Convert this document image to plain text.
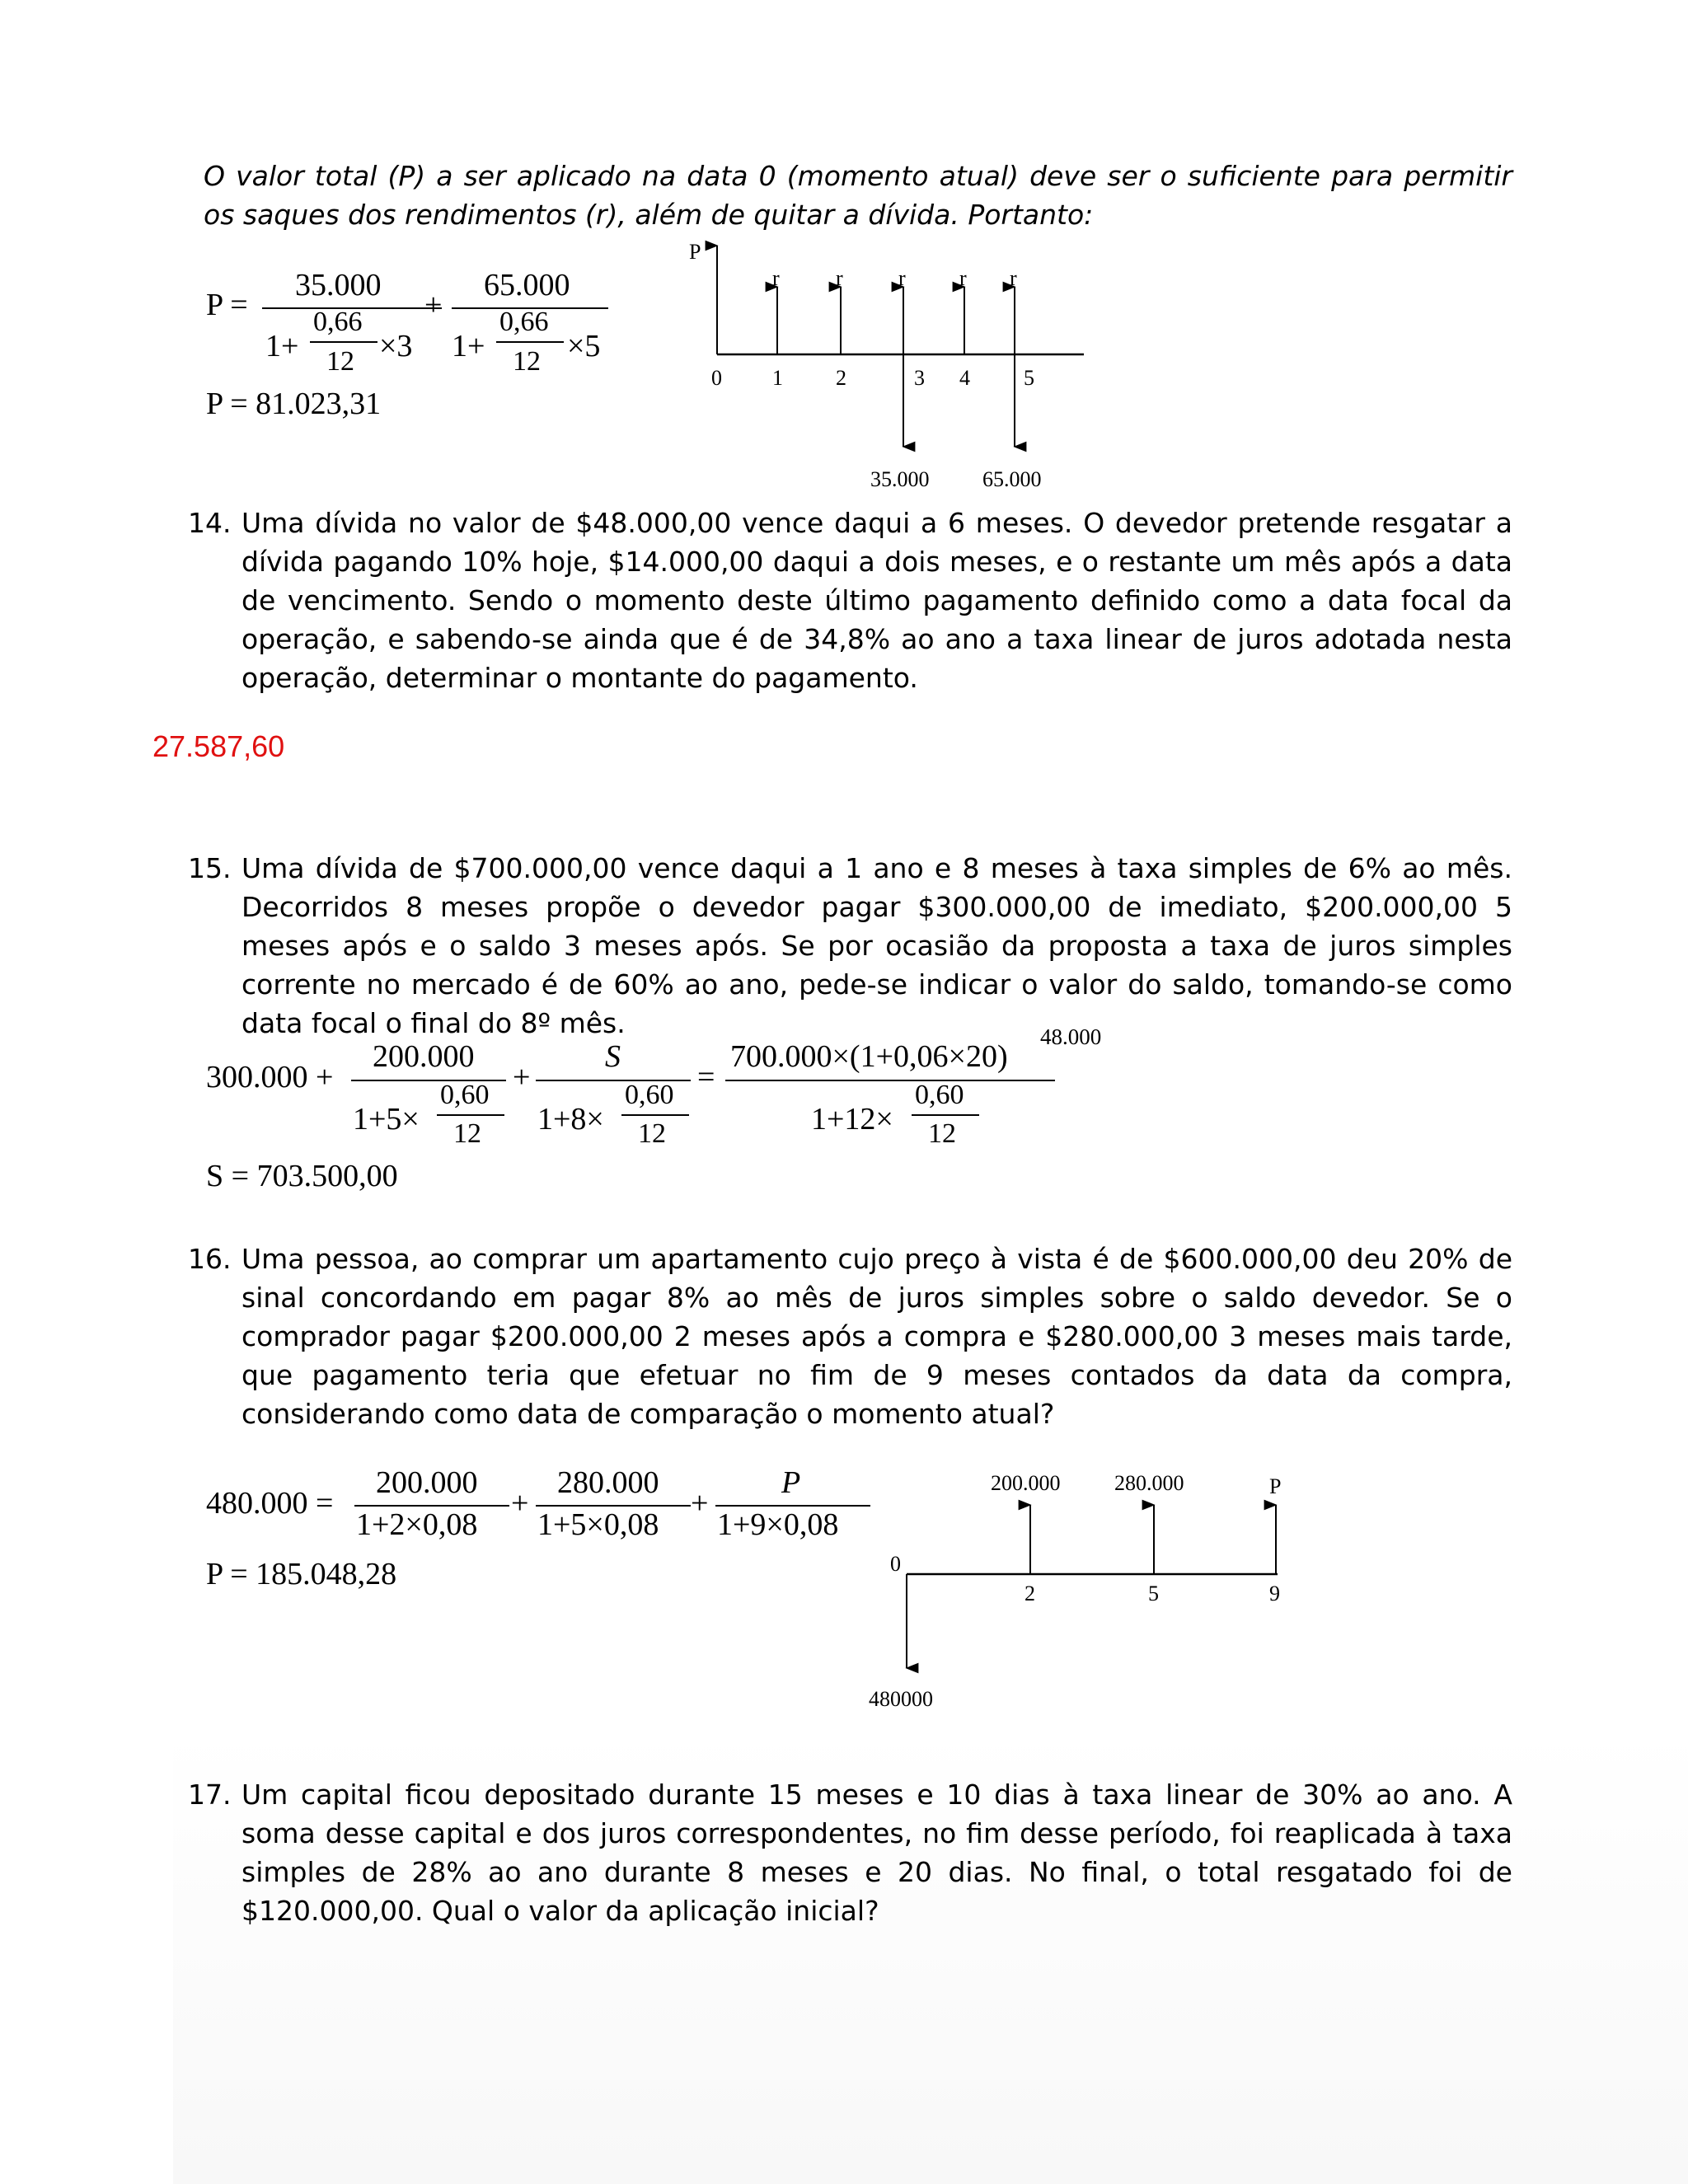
O valor total (P) a ser aplicado na data 0 (momento atual) deve ser o suficiente para permitir os saques dos rendimentos (r), além de quitar a dívida. Portanto:
P =
35.000
1+
0,66
12 ×3
+
65.000
1+
0,66
12 ×5
P = 81.023,31
P
r	r	r	r r
0 1 2	3 4	5
35.000 65.000
14. Uma dívida no valor de $48.000,00 vence daqui a 6 meses. O devedor pretende resgatar a dívida pagando 10% hoje, $14.000,00 daqui a dois meses, e o restante um mês após a data de vencimento. Sendo o momento deste último pagamento definido como a data focal da operação, e sabendo-se ainda que é de 34,8% ao ano a taxa linear de juros adotada nesta operação, determinar o montante do pagamento.
27.587,60
15. Uma dívida de $700.000,00 vence daqui a 1 ano e 8 meses à taxa simples de 6% ao mês. Decorridos 8 meses propõe o devedor pagar $300.000,00 de imediato, $200.000,00 5 meses após e o saldo 3 meses após. Se por ocasião da proposta a taxa de juros simples corrente no mercado é de 60% ao ano, pede-se indicar o valor do saldo, tomando-se como data focal o final do 8º mês.
300.000 +
200.000
1+5×
0,60
12
+
S
1+8×
0,60
12
=
700.000×(1+0,06×20)
1+12×
0,60
12
48.000
S = 703.500,00
16. Uma pessoa, ao comprar um apartamento cujo preço à vista é de $600.000,00 deu 20% de sinal concordando em pagar 8% ao mês de juros simples sobre o saldo devedor. Se o comprador pagar $200.000,00 2 meses após a compra e $280.000,00 3 meses mais tarde, que pagamento teria que efetuar no fim de 9 meses contados da data da compra, considerando como data de comparação o momento atual?
480.000 =
200.000
1+2×0,08
+
280.000
1+5×0,08
+
P
1+9×0,08
P = 185.048,28
200.000	280.000	P
0
2	5	9
480000
17. Um capital ficou depositado durante 15 meses e 10 dias à taxa linear de 30% ao ano. A soma desse capital e dos juros correspondentes, no fim desse período, foi reaplicada à taxa simples de 28% ao ano durante 8 meses e 20 dias. No final, o total resgatado foi de $120.000,00. Qual o valor da aplicação inicial?
